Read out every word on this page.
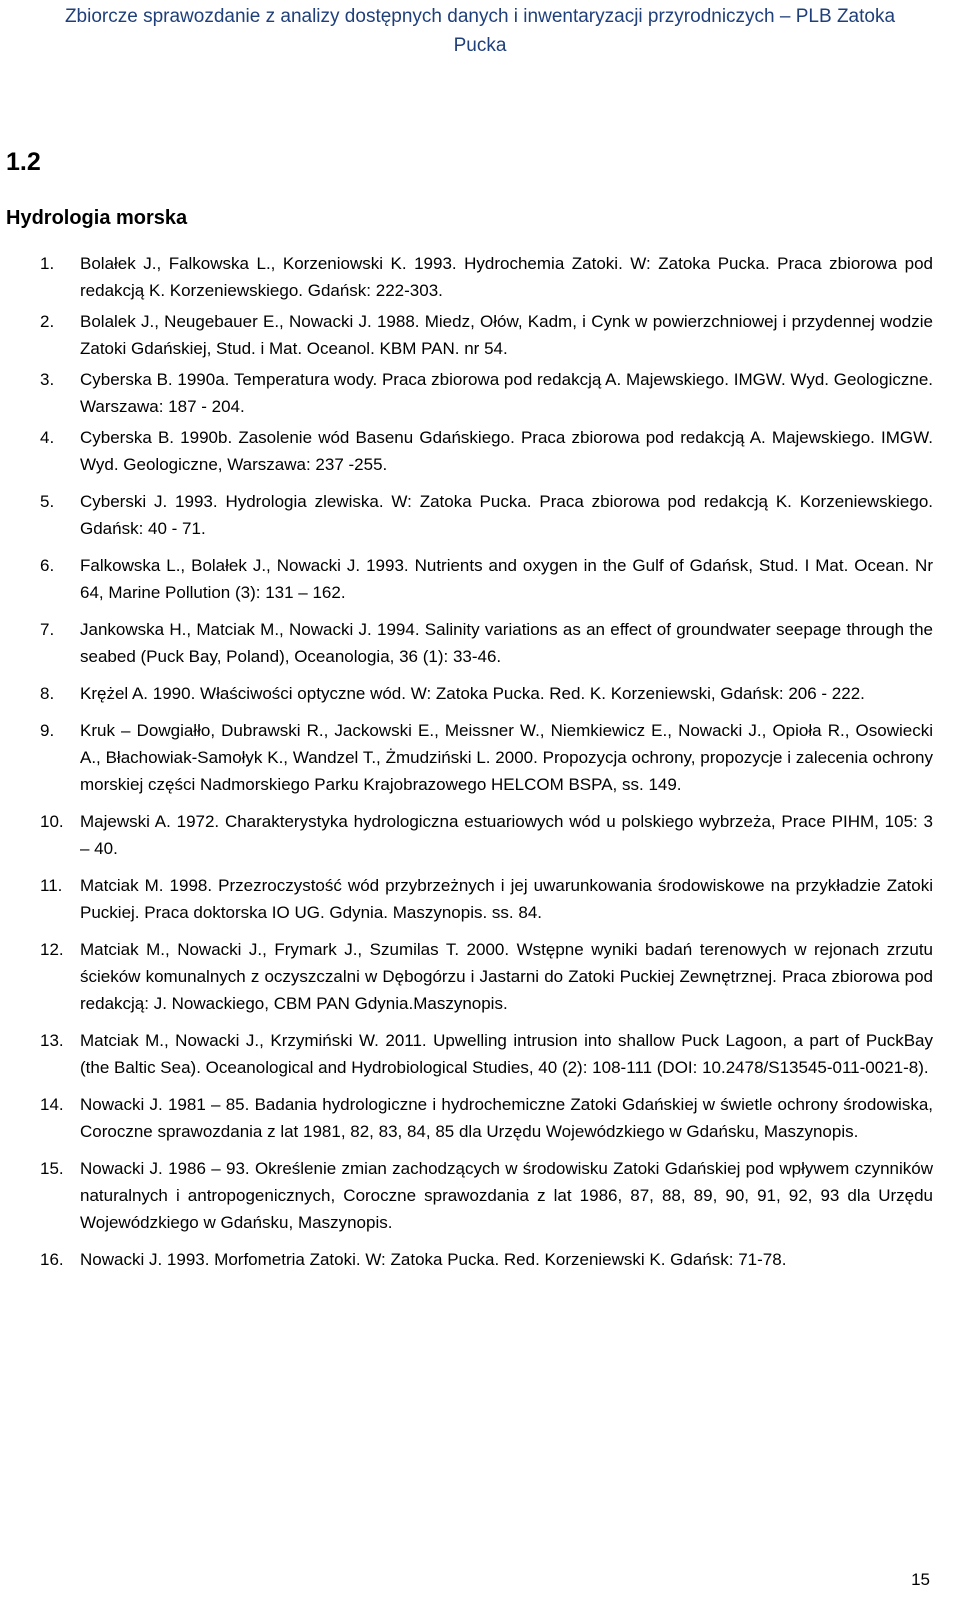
Zbiorcze sprawozdanie z analizy dostępnych danych i inwentaryzacji przyrodniczych – PLB Zatoka
Pucka
1.2
Hydrologia morska
1. Bolałek J., Falkowska L., Korzeniowski K. 1993. Hydrochemia Zatoki. W: Zatoka Pucka. Praca zbiorowa pod redakcją K. Korzeniewskiego. Gdańsk: 222-303.
2. Bolalek J., Neugebauer E., Nowacki J. 1988. Miedz, Ołów, Kadm, i Cynk w powierzchniowej i przydennej wodzie Zatoki Gdańskiej, Stud. i Mat. Oceanol. KBM PAN. nr 54.
3. Cyberska B. 1990a. Temperatura wody. Praca zbiorowa pod redakcją A. Majewskiego. IMGW. Wyd. Geologiczne. Warszawa: 187 - 204.
4. Cyberska B. 1990b. Zasolenie wód Basenu Gdańskiego. Praca zbiorowa pod redakcją A. Majewskiego. IMGW. Wyd. Geologiczne, Warszawa: 237 -255.
5. Cyberski J. 1993. Hydrologia zlewiska. W: Zatoka Pucka. Praca zbiorowa pod redakcją K. Korzeniewskiego. Gdańsk: 40 - 71.
6. Falkowska L., Bolałek J., Nowacki J. 1993. Nutrients and oxygen in the Gulf of Gdańsk, Stud. I Mat. Ocean. Nr 64, Marine Pollution (3): 131 – 162.
7. Jankowska H., Matciak M., Nowacki J. 1994. Salinity variations as an effect of groundwater seepage through the seabed (Puck Bay, Poland), Oceanologia, 36 (1): 33-46.
8. Krężel A. 1990. Właściwości optyczne wód. W: Zatoka Pucka. Red. K. Korzeniewski, Gdańsk: 206 - 222.
9. Kruk – Dowgiałło, Dubrawski R., Jackowski E., Meissner W., Niemkiewicz E., Nowacki J., Opioła R., Osowiecki A., Błachowiak-Samołyk K., Wandzel T., Żmudziński L. 2000. Propozycja ochrony, propozycje i zalecenia ochrony morskiej części Nadmorskiego Parku Krajobrazowego HELCOM BSPA, ss. 149.
10. Majewski A. 1972. Charakterystyka hydrologiczna estuariowych wód u polskiego wybrzeża, Prace PIHM, 105: 3 – 40.
11. Matciak M. 1998. Przezroczystość wód przybrzeżnych i jej uwarunkowania środowiskowe na przykładzie Zatoki Puckiej. Praca doktorska IO UG. Gdynia. Maszynopis. ss. 84.
12. Matciak M., Nowacki J., Frymark J., Szumilas T. 2000. Wstępne wyniki badań terenowych w rejonach zrzutu ścieków komunalnych z oczyszczalni w Dębogórzu i Jastarni do Zatoki Puckiej Zewnętrznej. Praca zbiorowa pod redakcją: J. Nowackiego, CBM PAN Gdynia.Maszynopis.
13. Matciak M., Nowacki J., Krzymiński W. 2011. Upwelling intrusion into shallow Puck Lagoon, a part of PuckBay (the Baltic Sea). Oceanological and Hydrobiological Studies, 40 (2): 108-111 (DOI: 10.2478/S13545-011-0021-8).
14. Nowacki J. 1981 – 85. Badania hydrologiczne i hydrochemiczne Zatoki Gdańskiej w świetle ochrony środowiska, Coroczne sprawozdania z lat 1981, 82, 83, 84, 85 dla Urzędu Wojewódzkiego w Gdańsku, Maszynopis.
15. Nowacki J. 1986 – 93. Określenie zmian zachodzących w środowisku Zatoki Gdańskiej pod wpływem czynników naturalnych i antropogenicznych, Coroczne sprawozdania z lat 1986, 87, 88, 89, 90, 91, 92, 93 dla Urzędu Wojewódzkiego w Gdańsku, Maszynopis.
16. Nowacki J. 1993. Morfometria Zatoki. W: Zatoka Pucka. Red. Korzeniewski K. Gdańsk: 71-78.
15
